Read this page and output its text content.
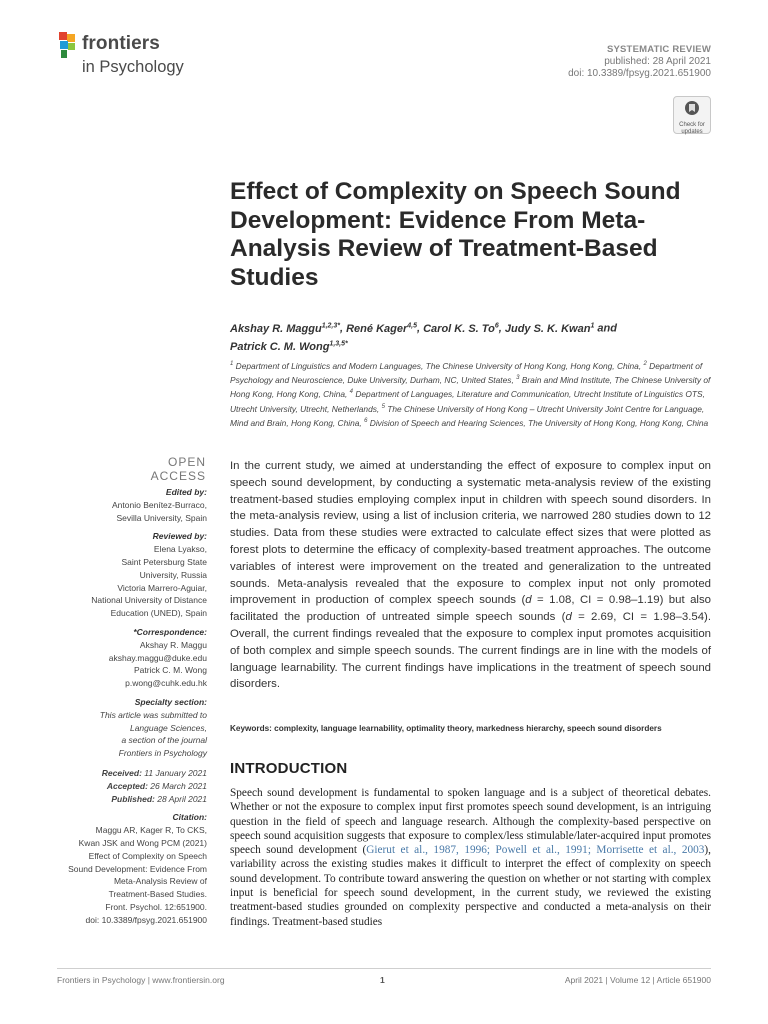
frontiers
in Psychology
SYSTEMATIC REVIEW
published: 28 April 2021
doi: 10.3389/fpsyg.2021.651900
Check for
updates
Effect of Complexity on Speech Sound Development: Evidence From Meta-Analysis Review of Treatment-Based Studies
Akshay R. Maggu$^{1,2,3*}$, René Kager$^{4,5}$, Carol K. S. To$^6$, Judy S. K. Kwan$^1$ and
Patrick C. M. Wong$^{1,3,5*}$
$^1$ Department of Linguistics and Modern Languages, The Chinese University of Hong Kong, Hong Kong, China, $^2$ Department of Psychology and Neuroscience, Duke University, Durham, NC, United States, $^3$ Brain and Mind Institute, The Chinese University of Hong Kong, Hong Kong, China, $^4$ Department of Languages, Literature and Communication, Utrecht Institute of Linguistics OTS, Utrecht University, Utrecht, Netherlands, $^5$ The Chinese University of Hong Kong – Utrecht University Joint Centre for Language, Mind and Brain, Hong Kong, China, $^6$ Division of Speech and Hearing Sciences, The University of Hong Kong, Hong Kong, China
OPEN ACCESS
Edited by:
Antonio Benítez-Burraco,
Sevilla University, Spain
Reviewed by:
Elena Lyakso,
Saint Petersburg State
University, Russia
Victoria Marrero-Aguiar,
National University of Distance
Education (UNED), Spain
*Correspondence:
Akshay R. Maggu
akshay.maggu@duke.edu
Patrick C. M. Wong
p.wong@cuhk.edu.hk
Specialty section:
This article was submitted to
Language Sciences,
a section of the journal
Frontiers in Psychology
Received: 11 January 2021
Accepted: 26 March 2021
Published: 28 April 2021
Citation:
Maggu AR, Kager R, To CKS,
Kwan JSK and Wong PCM (2021)
Effect of Complexity on Speech
Sound Development: Evidence From
Meta-Analysis Review of
Treatment-Based Studies.
Front. Psychol. 12:651900.
doi: 10.3389/fpsyg.2021.651900
In the current study, we aimed at understanding the effect of exposure to complex input on speech sound development, by conducting a systematic meta-analysis review of the existing treatment-based studies employing complex input in children with speech sound disorders. In the meta-analysis review, using a list of inclusion criteria, we narrowed 280 studies down to 12 studies. Data from these studies were extracted to calculate effect sizes that were plotted as forest plots to determine the efficacy of complexity-based treatment approaches. The outcome variables of interest were improvement on the treated and generalization to the untreated sounds. Meta-analysis revealed that the exposure to complex input not only promoted improvement in production of complex speech sounds (d = 1.08, CI = 0.98–1.19) but also facilitated the production of untreated simple speech sounds (d = 2.69, CI = 1.98–3.54). Overall, the current findings revealed that the exposure to complex input promotes acquisition of both complex and simple speech sounds. The current findings are in line with the models of language learnability. The current findings have implications in the treatment of speech sound disorders.
Keywords: complexity, language learnability, optimality theory, markedness hierarchy, speech sound disorders
INTRODUCTION
Speech sound development is fundamental to spoken language and is a subject of theoretical debates. Whether or not the exposure to complex input first promotes speech sound development, is an intriguing question in the field of speech and language research. Although the complexity-based perspective on speech sound acquisition suggests that exposure to complex/less stimulable/later-acquired input promotes speech sound development (Gierut et al., 1987, 1996; Powell et al., 1991; Morrisette et al., 2003), variability across the existing studies makes it difficult to interpret the effect of complexity on speech sound development. To contribute toward answering the question on whether or not starting with complex input is beneficial for speech sound development, in the current study, we reviewed the existing treatment-based studies grounded on complexity perspective and conducted a meta-analysis on their findings. Treatment-based studies
Frontiers in Psychology | www.frontiersin.org	1	April 2021 | Volume 12 | Article 651900
